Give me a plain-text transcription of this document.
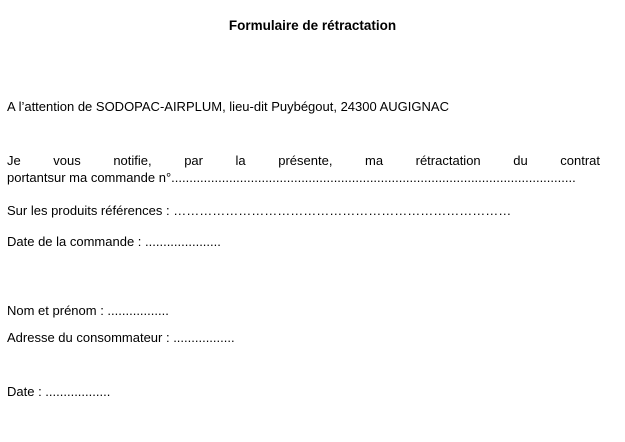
Formulaire de rétractation
A l’attention de SODOPAC-AIRPLUM, lieu-dit Puybégout, 24300 AUGIGNAC
Je vous notifie, par la présente, ma rétractation du contrat
portantsur ma commande n°................................................................................................................
Sur les produits références : ……………………………………………………………………
Date de la commande : .....................
Nom et prénom : .................
Adresse du consommateur : .................
Date : ..................
